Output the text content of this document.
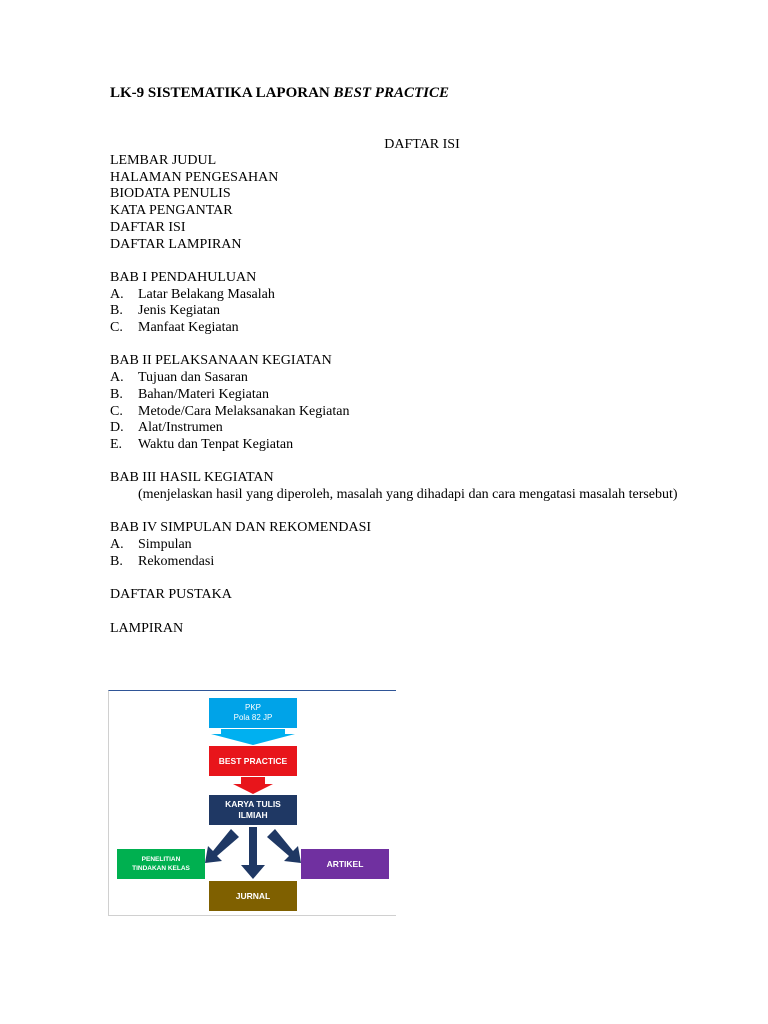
LK-9 SISTEMATIKA LAPORAN BEST PRACTICE
DAFTAR ISI
LEMBAR JUDUL
HALAMAN PENGESAHAN
BIODATA PENULIS
KATA PENGANTAR
DAFTAR ISI
DAFTAR LAMPIRAN
BAB I PENDAHULUAN
A.	Latar Belakang Masalah
B.	Jenis Kegiatan
C.	Manfaat Kegiatan
BAB II PELAKSANAAN KEGIATAN
A.	Tujuan dan Sasaran
B.	Bahan/Materi Kegiatan
C.	Metode/Cara Melaksanakan Kegiatan
D.	Alat/Instrumen
E.	Waktu dan Tenpat Kegiatan
BAB III HASIL KEGIATAN

(menjelaskan hasil yang diperoleh, masalah yang dihadapi dan cara mengatasi masalah tersebut)

BAB IV SIMPULAN DAN REKOMENDASI
A.	Simpulan
B.	Rekomendasi
DAFTAR PUSTAKA
LAMPIRAN
PKP
Pola 82 JP
BEST PRACTICE
KARYA TULIS
ILMIAH
PENELITIAN
TINDAKAN KELAS	ARTIKEL
JURNAL
